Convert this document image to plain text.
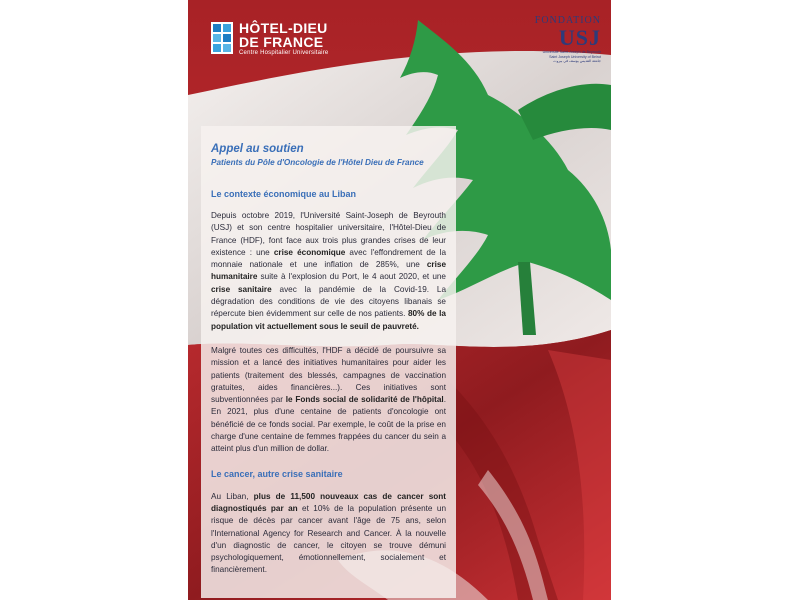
HÔTEL-DIEU
DE FRANCE
Centre Hospitalier Universitaire
FONDATION
USJ
Université Saint-Joseph de Beyrouth
Saint Joseph University of Beirut
جامعة القديس يوسف في بيروت
Appel au soutien
Patients du Pôle d'Oncologie de l'Hôtel Dieu de France
Le contexte économique au Liban

Depuis octobre 2019, l'Université Saint-Joseph de Beyrouth (USJ) et son centre hospitalier universitaire, l'Hôtel-Dieu de France (HDF), font face aux trois plus grandes crises de leur existence : une crise économique avec l'effondrement de la monnaie nationale et une inflation de 285%, une crise humanitaire suite à l'explosion du Port, le 4 aout 2020, et une crise sanitaire avec la pandémie de la Covid-19. La dégradation des conditions de vie des citoyens libanais se répercute bien évidemment sur celle de nos patients. 80% de la population vit actuellement sous le seuil de pauvreté.

Malgré toutes ces difficultés, l'HDF a décidé de poursuivre sa mission et a lancé des initiatives humanitaires pour aider les patients (traitement des blessés, campagnes de vaccination gratuites, aides financières...). Ces initiatives sont subventionnées par le Fonds social de solidarité de l'hôpital. En 2021, plus d'une centaine de patients d'oncologie ont bénéficié de ce fonds social. Par exemple, le coût de la prise en charge d'une centaine de femmes frappées du cancer du sein a atteint plus d'un million de dollar.

Le cancer, autre crise sanitaire

Au Liban, plus de 11,500 nouveaux cas de cancer sont diagnostiqués par an et 10% de la population présente un risque de décès par cancer avant l'âge de 75 ans, selon l'International Agency for Research and Cancer. À la nouvelle d'un diagnostic de cancer, le citoyen se trouve démuni psychologiquement, émotionnellement, socialement et financièrement.
